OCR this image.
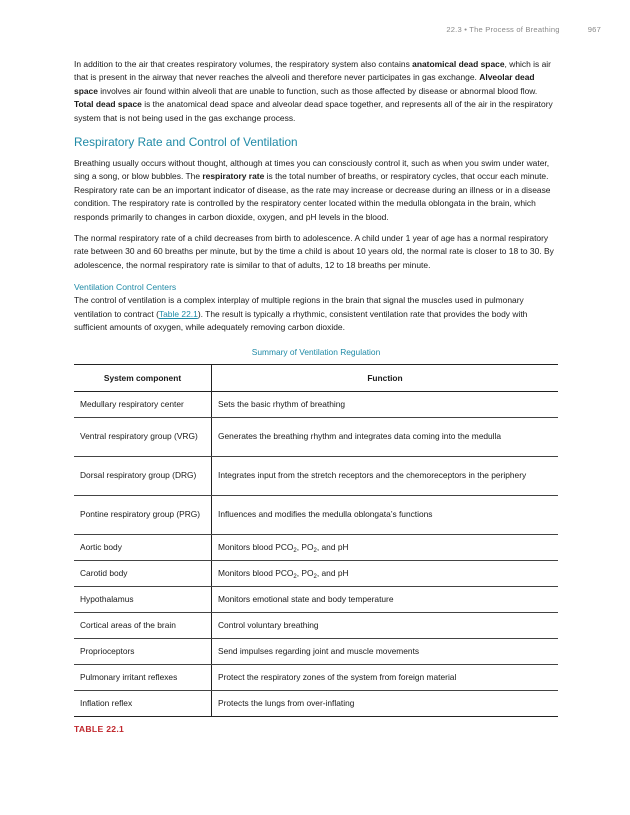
22.3 • The Process of Breathing	967

In addition to the air that creates respiratory volumes, the respiratory system also contains anatomical dead space, which is air that is present in the airway that never reaches the alveoli and therefore never participates in gas exchange. Alveolar dead space involves air found within alveoli that are unable to function, such as those affected by disease or abnormal blood flow. Total dead space is the anatomical dead space and alveolar dead space together, and represents all of the air in the respiratory system that is not being used in the gas exchange process.

Respiratory Rate and Control of Ventilation

Breathing usually occurs without thought, although at times you can consciously control it, such as when you swim under water, sing a song, or blow bubbles. The respiratory rate is the total number of breaths, or respiratory cycles, that occur each minute. Respiratory rate can be an important indicator of disease, as the rate may increase or decrease during an illness or in a disease condition. The respiratory rate is controlled by the respiratory center located within the medulla oblongata in the brain, which responds primarily to changes in carbon dioxide, oxygen, and pH levels in the blood.

The normal respiratory rate of a child decreases from birth to adolescence. A child under 1 year of age has a normal respiratory rate between 30 and 60 breaths per minute, but by the time a child is about 10 years old, the normal rate is closer to 18 to 30. By adolescence, the normal respiratory rate is similar to that of adults, 12 to 18 breaths per minute.

Ventilation Control Centers

The control of ventilation is a complex interplay of multiple regions in the brain that signal the muscles used in pulmonary ventilation to contract (Table 22.1). The result is typically a rhythmic, consistent ventilation rate that provides the body with sufficient amounts of oxygen, while adequately removing carbon dioxide.

Summary of Ventilation Regulation
System component	Function
Medullary respiratory center	Sets the basic rhythm of breathing
Ventral respiratory group (VRG)	Generates the breathing rhythm and integrates data coming into the medulla
Dorsal respiratory group (DRG)	Integrates input from the stretch receptors and the chemoreceptors in the periphery
Pontine respiratory group (PRG)	Influences and modifies the medulla oblongata’s functions
Aortic body	Monitors blood $PCO_2$, $PO_2$, and pH
Carotid body	Monitors blood $PCO_2$, $PO_2$, and pH
Hypothalamus	Monitors emotional state and body temperature
Cortical areas of the brain	Control voluntary breathing
Proprioceptors	Send impulses regarding joint and muscle movements
Pulmonary irritant reflexes	Protect the respiratory zones of the system from foreign material
Inflation reflex	Protects the lungs from over-inflating
TABLE 22.1
